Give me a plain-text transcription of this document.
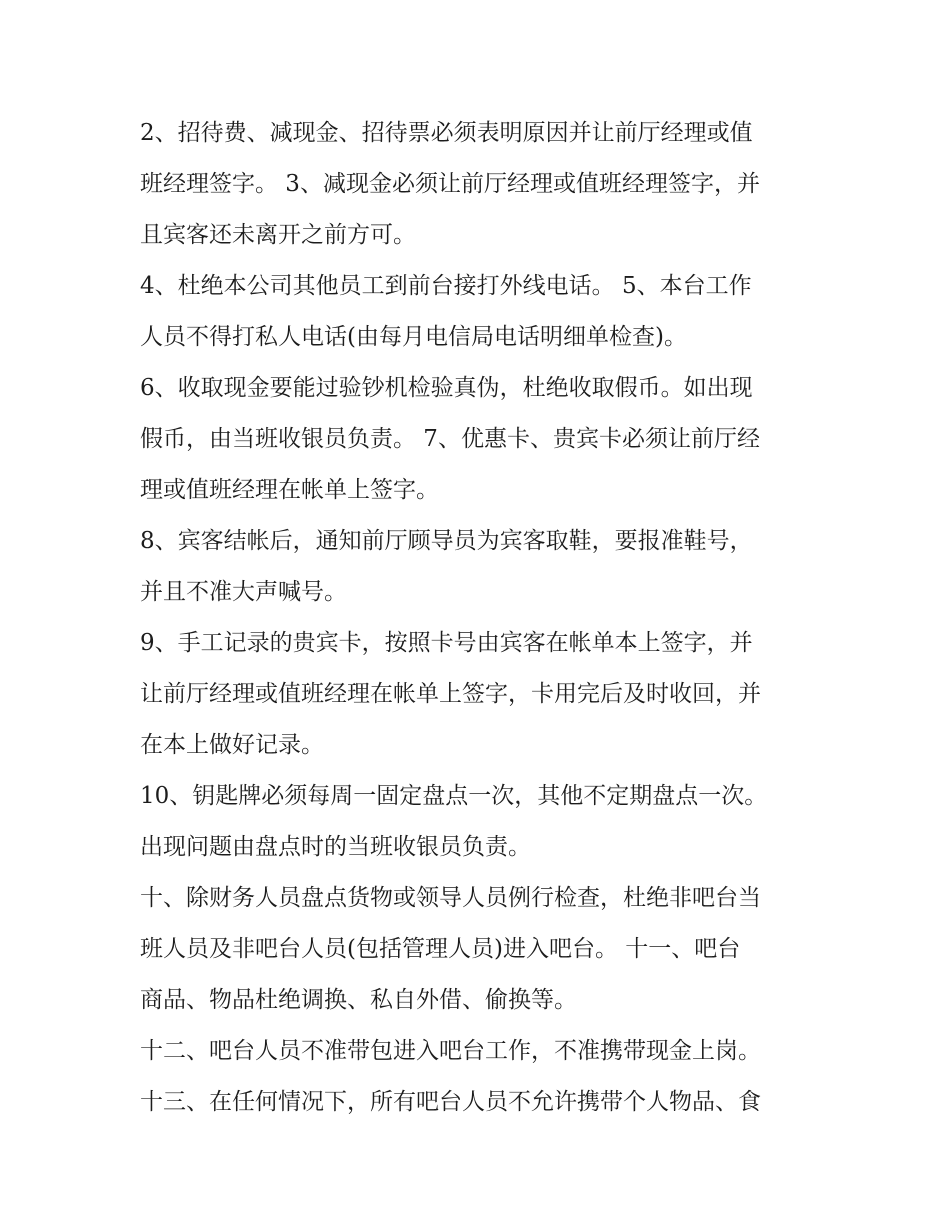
2、招待费、减现金、招待票必须表明原因并让前厅经理或值
班经理签字。 3、减现金必须让前厅经理或值班经理签字，并
且宾客还未离开之前方可。

4、杜绝本公司其他员工到前台接打外线电话。 5、本台工作
人员不得打私人电话(由每月电信局电话明细单检查)。

6、收取现金要能过验钞机检验真伪，杜绝收取假币。如出现
假币，由当班收银员负责。 7、优惠卡、贵宾卡必须让前厅经
理或值班经理在帐单上签字。

8、宾客结帐后，通知前厅顾导员为宾客取鞋，要报准鞋号，
并且不准大声喊号。

9、手工记录的贵宾卡，按照卡号由宾客在帐单本上签字，并
让前厅经理或值班经理在帐单上签字，卡用完后及时收回，并
在本上做好记录。

10、钥匙牌必须每周一固定盘点一次，其他不定期盘点一次。
出现问题由盘点时的当班收银员负责。

十、除财务人员盘点货物或领导人员例行检查，杜绝非吧台当
班人员及非吧台人员(包括管理人员)进入吧台。 十一、吧台
商品、物品杜绝调换、私自外借、偷换等。

十二、吧台人员不准带包进入吧台工作，不准携带现金上岗。

十三、在任何情况下，所有吧台人员不允许携带个人物品、食
